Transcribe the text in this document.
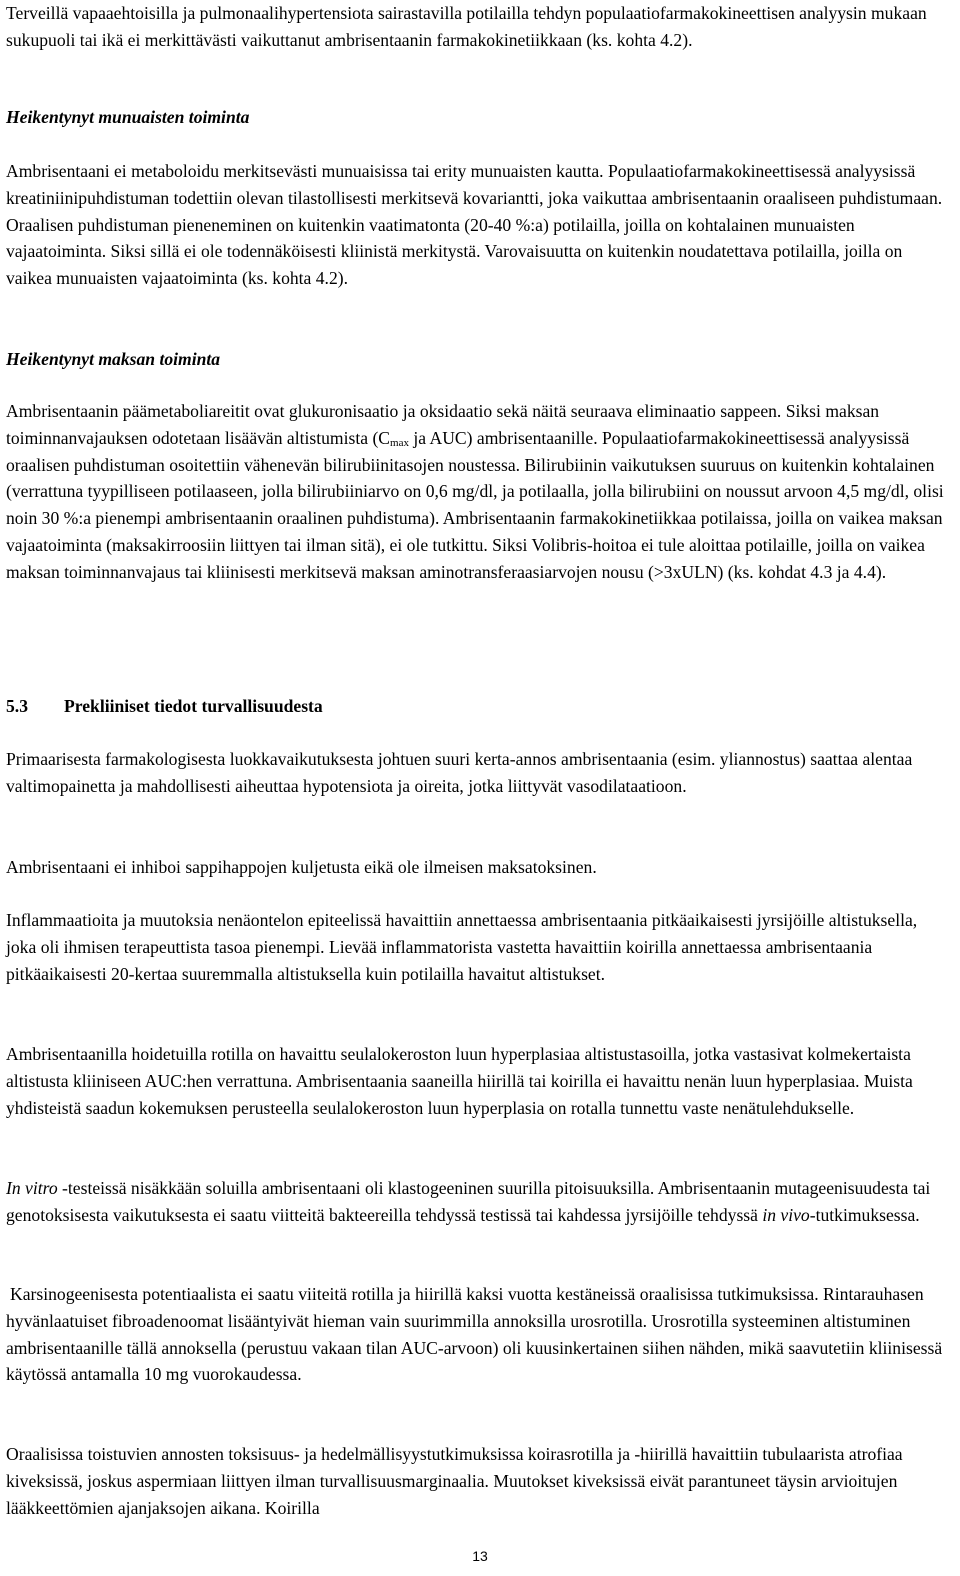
Terveillä vapaaehtoisilla ja pulmonaalihypertensiota sairastavilla potilailla tehdyn populaatiofarmakokineettisen analyysin mukaan sukupuoli tai ikä ei merkittävästi vaikuttanut ambrisentaanin farmakokinetiikkaan (ks. kohta 4.2).

Heikentynyt munuaisten toiminta

Ambrisentaani ei metaboloidu merkitsevästi munuaisissa tai erity munuaisten kautta. Populaatiofarmakokineettisessä analyysissä kreatiniinipuhdistuman todettiin olevan tilastollisesti merkitsevä kovariantti, joka vaikuttaa ambrisentaanin oraaliseen puhdistumaan. Oraalisen puhdistuman pieneneminen on kuitenkin vaatimatonta (20-40 %:a) potilailla, joilla on kohtalainen munuaisten vajaatoiminta. Siksi sillä ei ole todennäköisesti kliinistä merkitystä. Varovaisuutta on kuitenkin noudatettava potilailla, joilla on vaikea munuaisten vajaatoiminta (ks. kohta 4.2).

Heikentynyt maksan toiminta

Ambrisentaanin päämetaboliareitit ovat glukuronisaatio ja oksidaatio sekä näitä seuraava eliminaatio sappeen. Siksi maksan toiminnanvajauksen odotetaan lisäävän altistumista ($C_{max}$ ja AUC) ambrisentaanille. Populaatiofarmakokineettisessä analyysissä oraalisen puhdistuman osoitettiin vähenevän bilirubiinitasojen noustessa. Bilirubiinin vaikutuksen suuruus on kuitenkin kohtalainen (verrattuna tyypilliseen potilaaseen, jolla bilirubiiniarvo on 0,6 mg/dl, ja potilaalla, jolla bilirubiini on noussut arvoon 4,5 mg/dl, olisi noin 30 %:a pienempi ambrisentaanin oraalinen puhdistuma). Ambrisentaanin farmakokinetiikkaa potilaissa, joilla on vaikea maksan vajaatoiminta (maksakirroosiin liittyen tai ilman sitä), ei ole tutkittu. Siksi Volibris-hoitoa ei tule aloittaa potilaille, joilla on vaikea maksan toiminnanvajaus tai kliinisesti merkitsevä maksan aminotransferaasiarvojen nousu (>3xULN) (ks. kohdat 4.3 ja 4.4).

5.3 Prekliiniset tiedot turvallisuudesta

Primaarisesta farmakologisesta luokkavaikutuksesta johtuen suuri kerta-annos ambrisentaania (esim. yliannostus) saattaa alentaa valtimopainetta ja mahdollisesti aiheuttaa hypotensiota ja oireita, jotka liittyvät vasodilataatioon.

Ambrisentaani ei inhiboi sappihappojen kuljetusta eikä ole ilmeisen maksatoksinen.

Inflammaatioita ja muutoksia nenäontelon epiteelissä havaittiin annettaessa ambrisentaania pitkäaikaisesti jyrsijöille altistuksella, joka oli ihmisen terapeuttista tasoa pienempi. Lievää inflammatorista vastetta havaittiin koirilla annettaessa ambrisentaania pitkäaikaisesti 20-kertaa suuremmalla altistuksella kuin potilailla havaitut altistukset.

Ambrisentaanilla hoidetuilla rotilla on havaittu seulalokeroston luun hyperplasiaa altistustasoilla, jotka vastasivat kolmekertaista altistusta kliiniseen AUC:hen verrattuna. Ambrisentaania saaneilla hiirillä tai koirilla ei havaittu nenän luun hyperplasiaa. Muista yhdisteistä saadun kokemuksen perusteella seulalokeroston luun hyperplasia on rotalla tunnettu vaste nenätulehdukselle.

In vitro -testeissä nisäkkään soluilla ambrisentaani oli klastogeeninen suurilla pitoisuuksilla. Ambrisentaanin mutageenisuudesta tai genotoksisesta vaikutuksesta ei saatu viitteitä bakteereilla tehdyssä testissä tai kahdessa jyrsijöille tehdyssä in vivo-tutkimuksessa.

Karsinogeenisesta potentiaalista ei saatu viiteitä rotilla ja hiirillä kaksi vuotta kestäneissä oraalisissa tutkimuksissa. Rintarauhasen hyvänlaatuiset fibroadenoomat lisääntyivät hieman vain suurimmilla annoksilla urosrotilla. Urosrotilla systeeminen altistuminen ambrisentaanille tällä annoksella (perustuu vakaan tilan AUC-arvoon) oli kuusinkertainen siihen nähden, mikä saavutetiin kliinisessä käytössä antamalla 10 mg vuorokaudessa.

Oraalisissa toistuvien annosten toksisuus- ja hedelmällisyystutkimuksissa koirasrotilla ja -hiirillä havaittiin tubulaarista atrofiaa kiveksissä, joskus aspermiaan liittyen ilman turvallisuusmarginaalia. Muutokset kiveksissä eivät parantuneet täysin arvioitujen lääkkeettömien ajanjaksojen aikana. Koirilla

13
